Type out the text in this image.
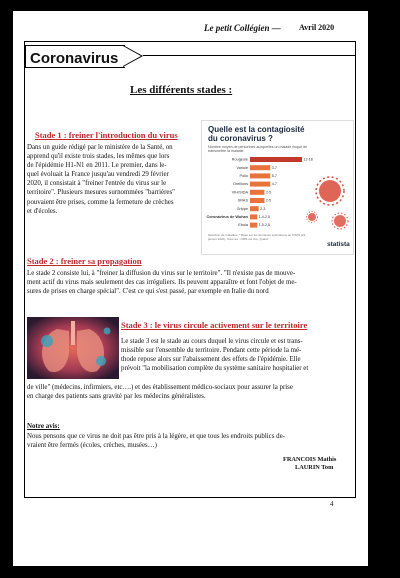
Le petit Collégien — Avril 2020
Coronavirus
Les différents stades :
Stade 1 : freiner l'introduction du virus
Dans un guide rédigé par le ministère de la Santé, on
apprend qu'il existe trois stades, les mêmes que lors
de l'épidémie H1-N1 en 2011. Le premier, dans le-
quel évoluait la France jusqu'au vendredi 29 février
2020, il consistait à "freiner l'entrée du virus sur le
territoire". Plusieurs mesures surnommées "barrières"
pouvaient être prises, comme la fermeture de crèches
et d'écoles.
Quelle est la contagiosité
du coronavirus ?
Nombre moyen de personnes auxquelles un malade risque de transmettre la maladie
Rougeole	12-18
Variole	3-7
Polio	5-7
Oreillons	4-7
VIH/SIDA	2-5
SRAS	2-5
Grippe	2-3
Coronavirus de Wuhan	1,4-2,5
Ebola	1,5-2,5
Sélection de maladies. * Basé sur les dernières estimations de l'OMS (23 janvier 2020). Sources : OMS via Vox, Quartz
statista
Stade 2 : freiner sa propagation
Le stade 2 consiste lui, à "freiner la diffusion du virus sur le territoire". "Il n'existe pas de mouve-
ment actif du virus mais seulement des cas irréguliers. Ils peuvent apparaître et font l'objet de me-
sures de prises en charge spécial". C'est ce qui s'est passé, par exemple en Italie du nord
Stade 3 : le virus circule activement sur le territoire
Le stade 3 est le stade au cours duquel le virus circule et est trans-
missible sur l'ensemble du territoire. Pendant cette période la mé-
thode repose alors sur l'abaissement des effets de l'épidémie. Elle
prévoit "la mobilisation complète du système sanitaire hospitalier et
de ville" (médecins, infirmiers, etc….) et des établissement médico-sociaux pour assurer la prise
en charge des patients sans gravité par les médecins généralistes.
Notre avis:
Nous pensons que ce virus ne doit pas être pris à la légère, et que tous les endroits publics de-
vraient être fermés (écoles, crèches, musées…)
FRANCOIS Mathis
LAURIN Tom
4
